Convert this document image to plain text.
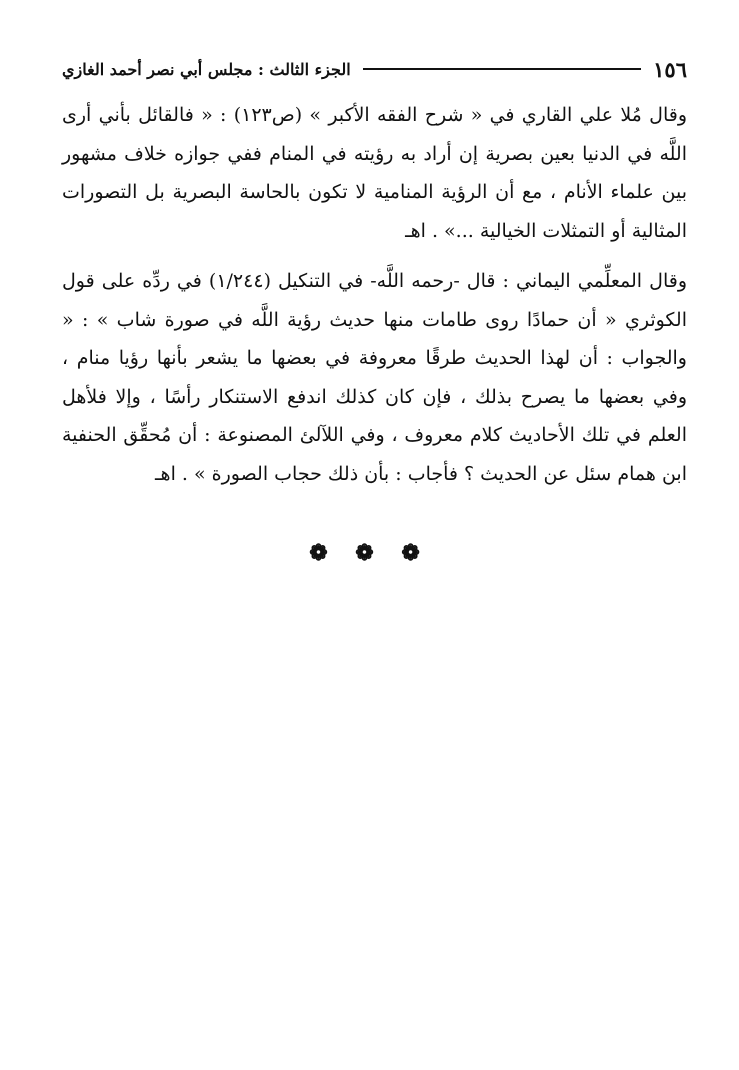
١٥٦
الجزء الثالث : مجلس أبي نصر أحمد الغازي

وقال مُلا علي القاري في « شرح الفقه الأكبر » (ص١٢٣) : « فالقائل بأني أرى اللَّه في الدنيا بعين بصرية إن أراد به رؤيته في المنام ففي جوازه خلاف مشهور بين علماء الأنام ، مع أن الرؤية المنامية لا تكون بالحاسة البصرية بل التصورات المثالية أو التمثلات الخيالية ...» . اهـ

وقال المعلِّمي اليماني : قال -رحمه اللَّه- في التنكيل (١/٢٤٤) في ردِّه على قول الكوثري « أن حمادًا روى طامات منها حديث رؤية اللَّه في صورة شاب » : « والجواب : أن لهذا الحديث طرقًا معروفة في بعضها ما يشعر بأنها رؤيا منام ، وفي بعضها ما يصرح بذلك ، فإن كان كذلك اندفع الاستنكار رأسًا ، وإلا فلأهل العلم في تلك الأحاديث كلام معروف ، وفي اللآلئ المصنوعة : أن مُحقِّق الحنفية ابن همام سئل عن الحديث ؟ فأجاب : بأن ذلك حجاب الصورة » . اهـ

❁ ❁ ❁
